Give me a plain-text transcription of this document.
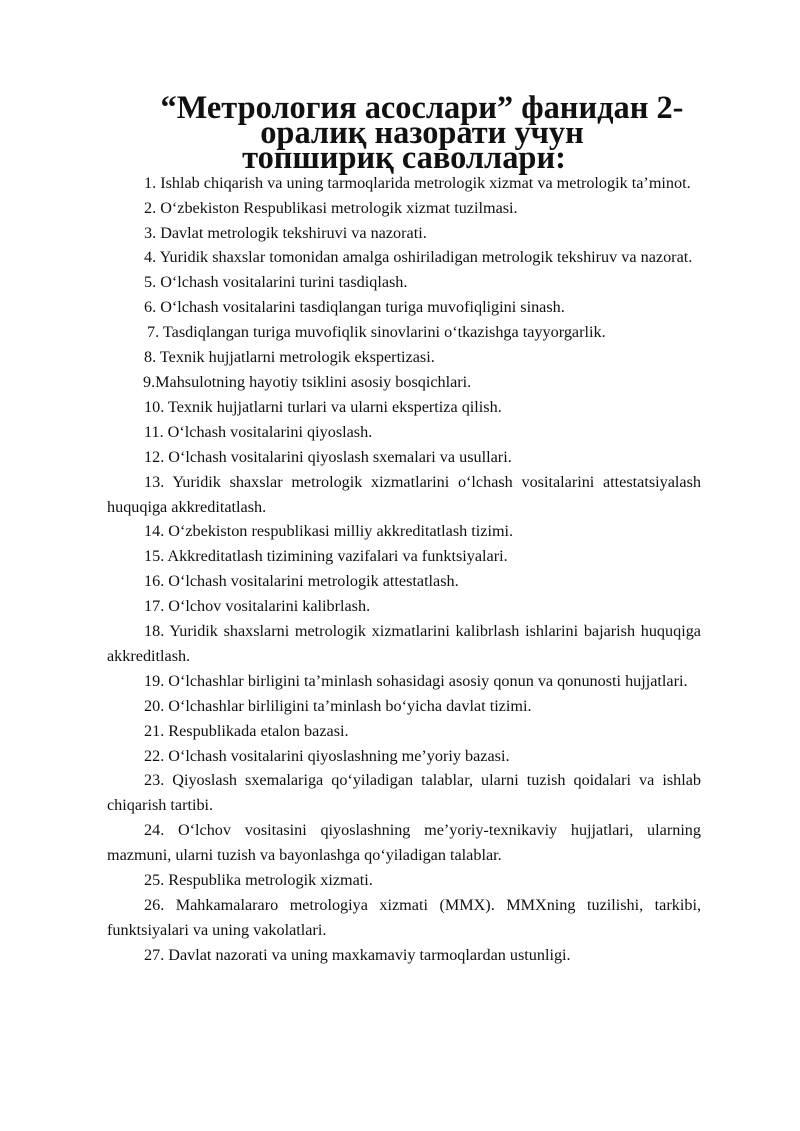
“Метрология асослари” фанидан 2-оралиқ назорати учун
топшириқ саволлари:

1. Ishlab chiqarish va uning tarmoqlarida metrologik xizmat va metrologik ta’minot.

2. O‘zbekiston Respublikasi metrologik xizmat tuzilmasi.

3. Davlat metrologik tekshiruvi va nazorati.

4. Yuridik shaxslar tomonidan amalga oshiriladigan metrologik tekshiruv va nazorat.

5. O‘lchash vositalarini turini tasdiqlash.

6. O‘lchash vositalarini tasdiqlangan turiga muvofiqligini sinash.

7. Tasdiqlangan turiga muvofiqlik sinovlarini o‘tkazishga tayyorgarlik.

8. Texnik hujjatlarni metrologik ekspertizasi.

9.Mahsulotning hayotiy tsiklini asosiy bosqichlari.

10. Texnik hujjatlarni turlari va ularni ekspertiza qilish.

11. O‘lchash vositalarini qiyoslash.

12. O‘lchash vositalarini qiyoslash sxemalari va usullari.

13. Yuridik shaxslar metrologik xizmatlarini o‘lchash vositalarini attestatsiyalash huquqiga akkreditatlash.

14. O‘zbekiston respublikasi milliy akkreditatlash tizimi.

15. Akkreditatlash tizimining vazifalari va funktsiyalari.

16. O‘lchash vositalarini metrologik attestatlash.

17. O‘lchov vositalarini kalibrlash.

18. Yuridik shaxslarni metrologik xizmatlarini kalibrlash ishlarini bajarish huquqiga akkreditlash.

19. O‘lchashlar birligini ta’minlash sohasidagi asosiy qonun va qonunosti hujjatlari.

20. O‘lchashlar birliligini ta’minlash bo‘yicha davlat tizimi.

21. Respublikada etalon bazasi.

22. O‘lchash vositalarini qiyoslashning me’yoriy bazasi.

23. Qiyoslash sxemalariga qo‘yiladigan talablar, ularni tuzish qoidalari va ishlab chiqarish tartibi.

24. O‘lchov vositasini qiyoslashning me’yoriy-texnikaviy hujjatlari, ularning mazmuni, ularni tuzish va bayonlashga qo‘yiladigan talablar.

25. Respublika metrologik xizmati.

26. Mahkamalararo metrologiya xizmati (MMX). MMXning tuzilishi, tarkibi, funktsiyalari va uning vakolatlari.

27. Davlat nazorati va uning maxkamaviy tarmoqlardan ustunligi.
